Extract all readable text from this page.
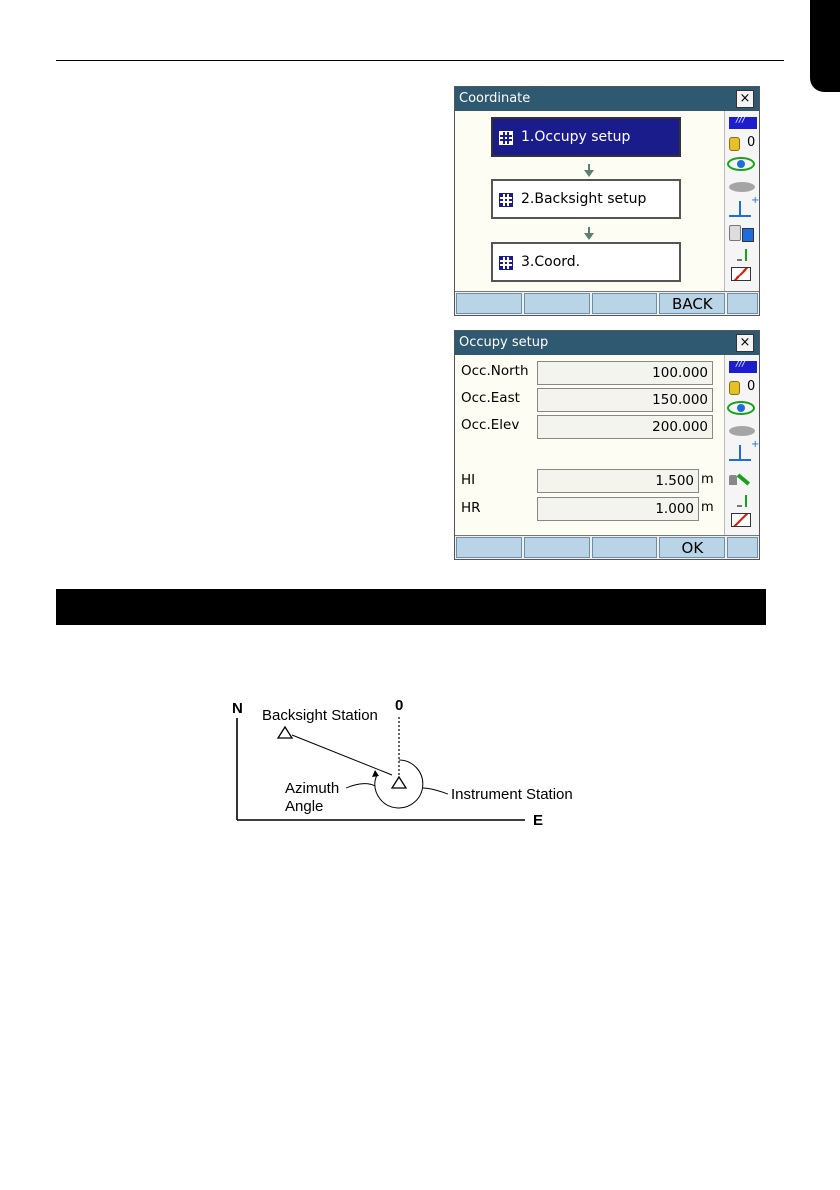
Coordinate	×
1.Occupy setup
2.Backsight setup
3.Coord.
///
0
+
BACK
Occupy setup	×
Occ.North	100.000
Occ.East	150.000
Occ.Elev	200.000
HI	1.500 m
HR	1.000 m
///
0
+
OK
N
E
0
Backsight Station
Instrument Station
Azimuth
Angle
